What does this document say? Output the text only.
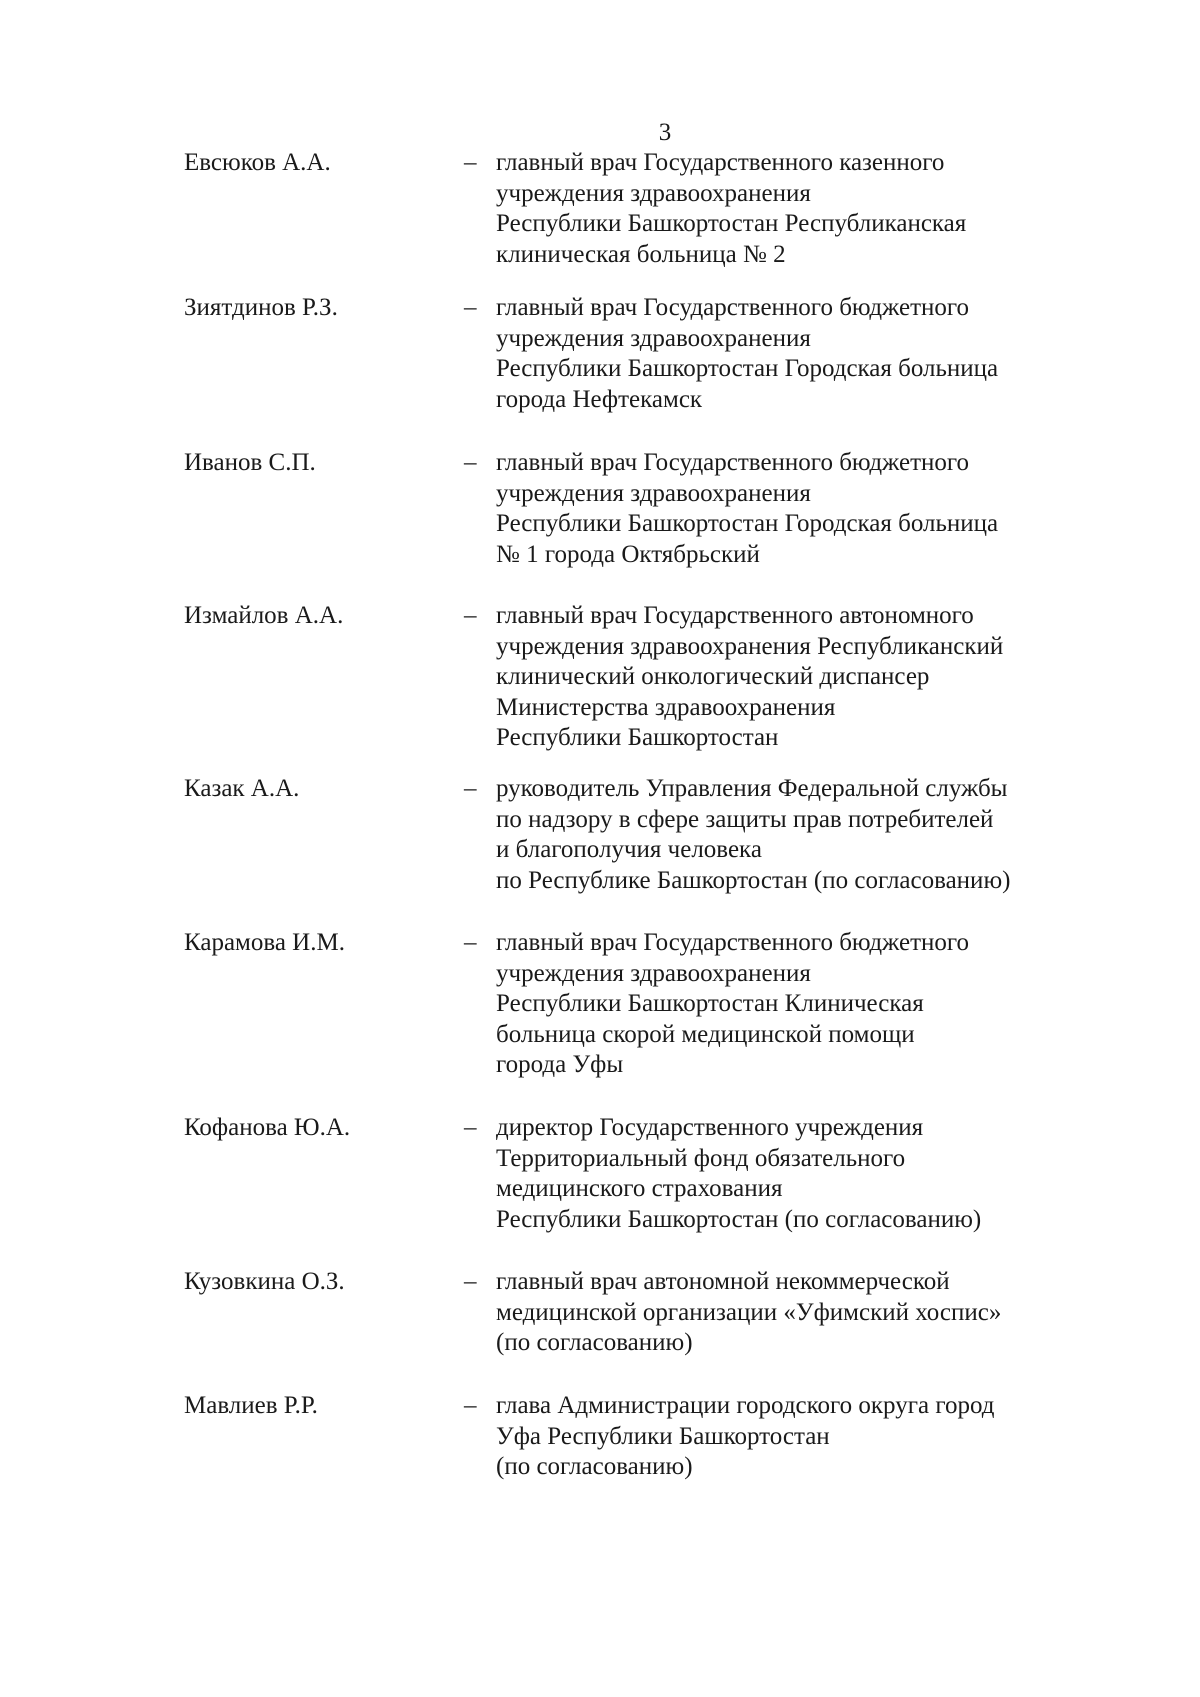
3
Евсюков А.А.	– главный врач Государственного казенного
учреждения здравоохранения
Республики Башкортостан Республиканская
клиническая больница № 2
Зиятдинов Р.З.	– главный врач Государственного бюджетного
учреждения здравоохранения
Республики Башкортостан Городская больница
города Нефтекамск
Иванов С.П.	– главный врач Государственного бюджетного
учреждения здравоохранения
Республики Башкортостан Городская больница
№ 1 города Октябрьский
Измайлов А.А.	– главный врач Государственного автономного
учреждения здравоохранения Республиканский
клинический онкологический диспансер
Министерства здравоохранения
Республики Башкортостан
Казак А.А.	– руководитель Управления Федеральной службы
по надзору в сфере защиты прав потребителей
и благополучия человека
по Республике Башкортостан (по согласованию)
Карамова И.М.	– главный врач Государственного бюджетного
учреждения здравоохранения
Республики Башкортостан Клиническая
больница скорой медицинской помощи
города Уфы
Кофанова Ю.А.	– директор Государственного учреждения
Территориальный фонд обязательного
медицинского страхования
Республики Башкортостан (по согласованию)
Кузовкина О.З.	– главный врач автономной некоммерческой
медицинской организации «Уфимский хоспис»
(по согласованию)
Мавлиев Р.Р.	– глава Администрации городского округа город
Уфа Республики Башкортостан
(по согласованию)
